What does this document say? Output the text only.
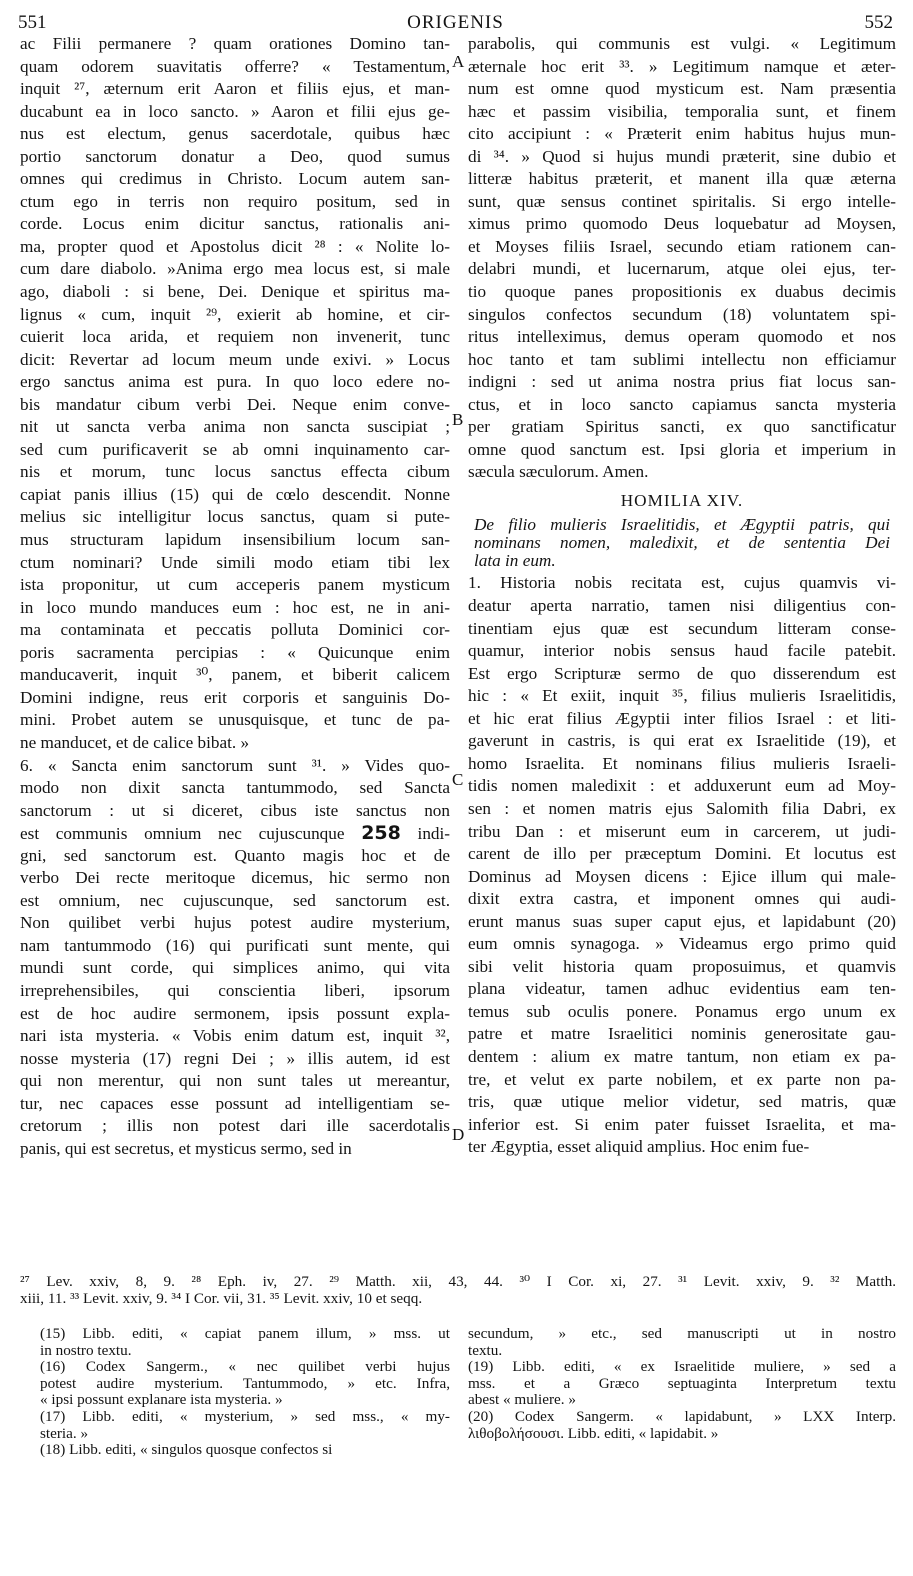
551	ORIGENIS	552
ac Filii permanere ? quam orationes Domino tan-
quam odorem suavitatis offerre? « Testamentum,
inquit ²⁷, æternum erit Aaron et filiis ejus, et man-
ducabunt ea in loco sancto. » Aaron et filii ejus ge-
nus est electum, genus sacerdotale, quibus hæc
portio sanctorum donatur a Deo, quod sumus
omnes qui credimus in Christo. Locum autem san-
ctum ego in terris non requiro positum, sed in
corde. Locus enim dicitur sanctus, rationalis ani-
ma, propter quod et Apostolus dicit ²⁸ : « Nolite lo-
cum dare diabolo. »Anima ergo mea locus est, si male
ago, diaboli : si bene, Dei. Denique et spiritus ma-
lignus « cum, inquit ²⁹, exierit ab homine, et cir-
cuierit loca arida, et requiem non invenerit, tunc
dicit: Revertar ad locum meum unde exivi. » Locus
ergo sanctus anima est pura. In quo loco edere no-
bis mandatur cibum verbi Dei. Neque enim conve-
nit ut sancta verba anima non sancta suscipiat ;
sed cum purificaverit se ab omni inquinamento car-
nis et morum, tunc locus sanctus effecta cibum
capiat panis illius (15) qui de cœlo descendit. Nonne
melius sic intelligitur locus sanctus, quam si pute-
mus structuram lapidum insensibilium locum san-
ctum nominari? Unde simili modo etiam tibi lex
ista proponitur, ut cum acceperis panem mysticum
in loco mundo manduces eum : hoc est, ne in ani-
ma contaminata et peccatis polluta Dominici cor-
poris sacramenta percipias : « Quicunque enim
manducaverit, inquit ³⁰, panem, et biberit calicem
Domini indigne, reus erit corporis et sanguinis Do-
mini. Probet autem se unusquisque, et tunc de pa-
ne manducet, et de calice bibat. »
6. « Sancta enim sanctorum sunt ³¹. » Vides quo-
modo non dixit sancta tantummodo, sed Sancta
sanctorum : ut si diceret, cibus iste sanctus non
est communis omnium nec cujuscunque 258 indi-
gni, sed sanctorum est. Quanto magis hoc et de
verbo Dei recte meritoque dicemus, hic sermo non
est omnium, nec cujuscunque, sed sanctorum est.
Non quilibet verbi hujus potest audire mysterium,
nam tantummodo (16) qui purificati sunt mente, qui
mundi sunt corde, qui simplices animo, qui vita
irreprehensibiles, qui conscientia liberi, ipsorum
est de hoc audire sermonem, ipsis possunt expla-
nari ista mysteria. « Vobis enim datum est, inquit ³²,
nosse mysteria (17) regni Dei ; » illis autem, id est
qui non merentur, qui non sunt tales ut mereantur,
tur, nec capaces esse possunt ad intelligentiam se-
cretorum ; illis non potest dari ille sacerdotalis
panis, qui est secretus, et mysticus sermo, sed in
parabolis, qui communis est vulgi. « Legitimum
æternale hoc erit ³³. » Legitimum namque et æter-
num est omne quod mysticum est. Nam præsentia
hæc et passim visibilia, temporalia sunt, et finem
cito accipiunt : « Præterit enim habitus hujus mun-
di ³⁴. » Quod si hujus mundi præterit, sine dubio et
litteræ habitus præterit, et manent illa quæ æterna
sunt, quæ sensus continet spiritalis. Si ergo intelle-
ximus primo quomodo Deus loquebatur ad Moysen,
et Moyses filiis Israel, secundo etiam rationem can-
delabri mundi, et lucernarum, atque olei ejus, ter-
tio quoque panes propositionis ex duabus decimis
singulos confectos secundum (18) voluntatem spi-
ritus intelleximus, demus operam quomodo et nos
hoc tanto et tam sublimi intellectu non efficiamur
indigni : sed ut anima nostra prius fiat locus san-
ctus, et in loco sancto capiamus sancta mysteria
per gratiam Spiritus sancti, ex quo sanctificatur
omne quod sanctum est. Ipsi gloria et imperium in
sæcula sæculorum. Amen.
HOMILIA XIV.
De filio mulieris Israelitidis, et Ægyptii patris, qui
nominans nomen, maledixit, et de sententia Dei
lata in eum.
1. Historia nobis recitata est, cujus quamvis vi-
deatur aperta narratio, tamen nisi diligentius con-
tinentiam ejus quæ est secundum litteram conse-
quamur, interior nobis sensus haud facile patebit.
Est ergo Scripturæ sermo de quo disserendum est
hic : « Et exiit, inquit ³⁵, filius mulieris Israelitidis,
et hic erat filius Ægyptii inter filios Israel : et liti-
gaverunt in castris, is qui erat ex Israelitide (19), et
homo Israelita. Et nominans filius mulieris Israeli-
tidis nomen maledixit : et adduxerunt eum ad Moy-
sen : et nomen matris ejus Salomith filia Dabri, ex
tribu Dan : et miserunt eum in carcerem, ut judi-
carent de illo per præceptum Domini. Et locutus est
Dominus ad Moysen dicens : Ejice illum qui male-
dixit extra castra, et imponent omnes qui audi-
erunt manus suas super caput ejus, et lapidabunt (20)
eum omnis synagoga. » Videamus ergo primo quid
sibi velit historia quam proposuimus, et quamvis
plana videatur, tamen adhuc evidentius eam ten-
temus sub oculis ponere. Ponamus ergo unum ex
patre et matre Israelitici nominis generositate gau-
dentem : alium ex matre tantum, non etiam ex pa-
tre, et velut ex parte nobilem, et ex parte non pa-
tris, quæ utique melior videtur, sed matris, quæ
inferior est. Si enim pater fuisset Israelita, et ma-
ter Ægyptia, esset aliquid amplius. Hoc enim fue-
A
B
C
D
²⁷ Lev. xxiv, 8, 9. ²⁸ Eph. iv, 27. ²⁹ Matth. xii, 43, 44. ³⁰ I Cor. xi, 27. ³¹ Levit. xxiv, 9. ³² Matth.
xiii, 11. ³³ Levit. xxiv, 9. ³⁴ I Cor. vii, 31. ³⁵ Levit. xxiv, 10 et seqq.
(15) Libb. editi, « capiat panem illum, » mss. ut
in nostro textu.
(16) Codex Sangerm., « nec quilibet verbi hujus
potest audire mysterium. Tantummodo, » etc. Infra,
« ipsi possunt explanare ista mysteria. »
(17) Libb. editi, « mysterium, » sed mss., « my-
steria. »
(18) Libb. editi, « singulos quosque confectos si
secundum, » etc., sed manuscripti ut in nostro
textu.
(19) Libb. editi, « ex Israelitide muliere, » sed a
mss. et a Græco septuaginta Interpretum textu
abest « muliere. »
(20) Codex Sangerm. « lapidabunt, » LXX Interp.
λιθοβολήσουσι. Libb. editi, « lapidabit. »
